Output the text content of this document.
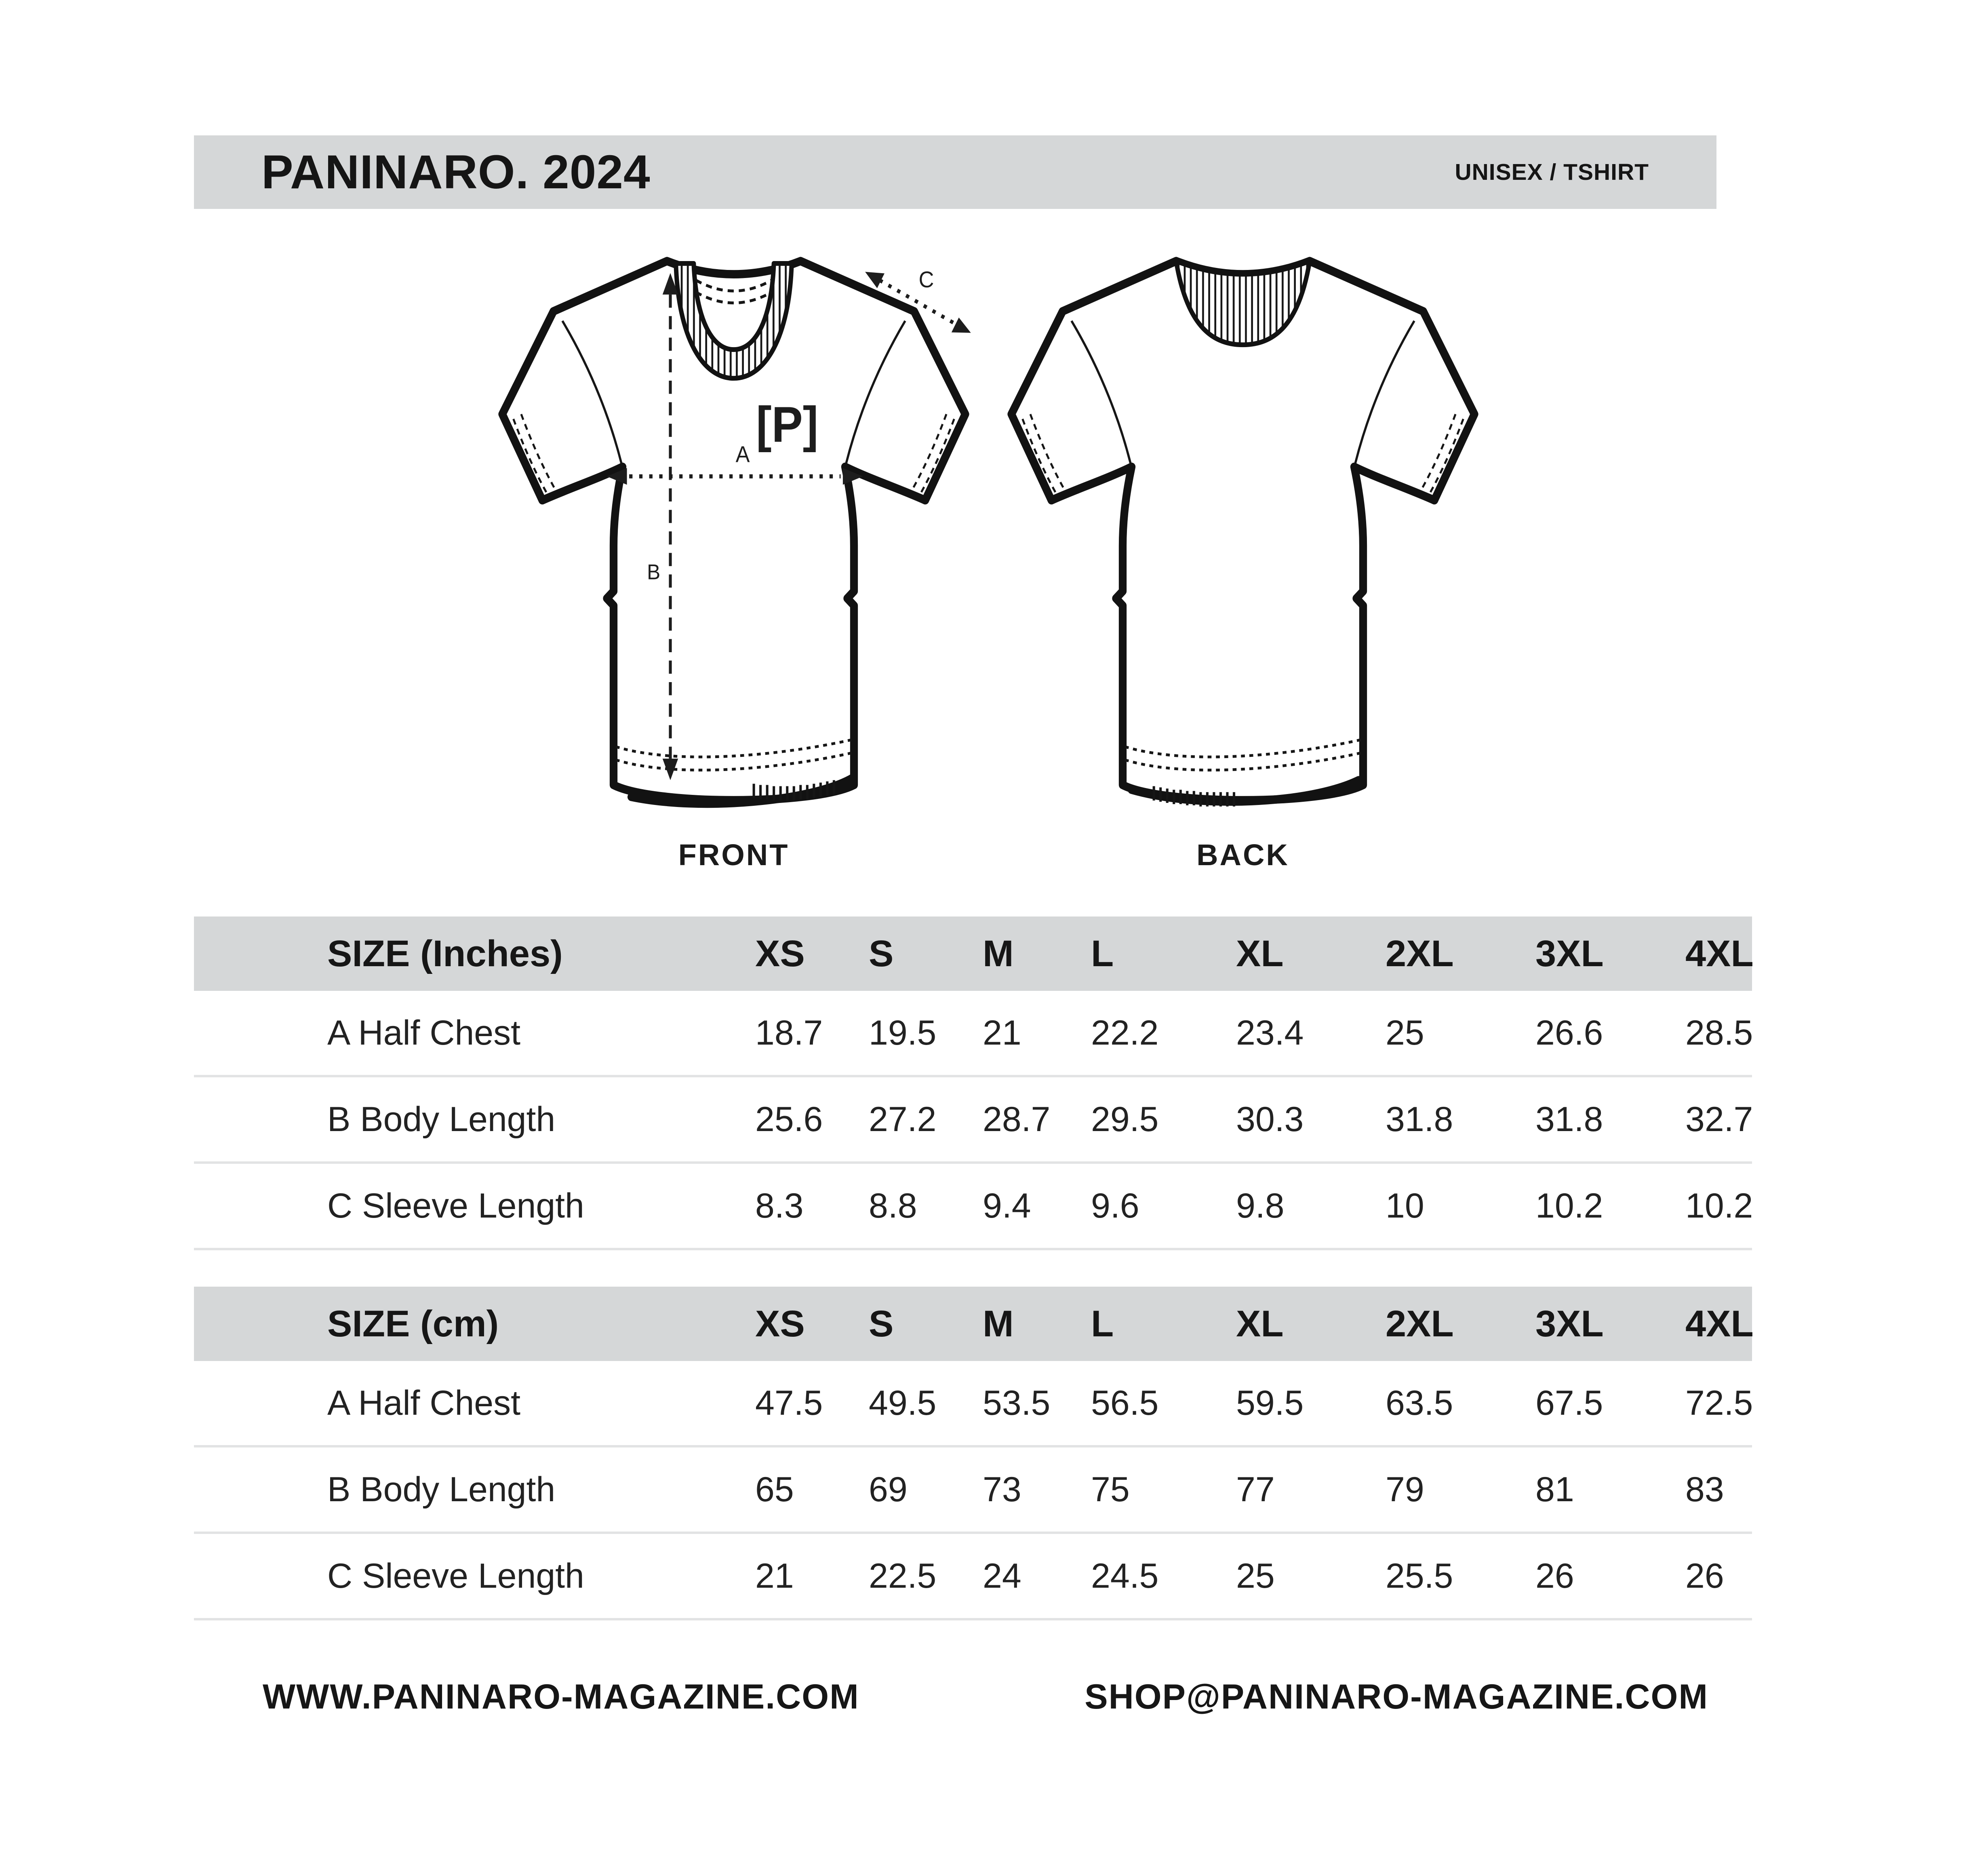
PANINARO. 2024	UNISEX / TSHIRT
A
B
C
[P]
FRONT	BACK
SIZE (Inches)	XS	S	M	L	XL	2XL	3XL	4XL
A Half Chest	18.7	19.5	21	22.2	23.4	25	26.6	28.5
B Body Length	25.6	27.2	28.7	29.5	30.3	31.8	31.8	32.7
C Sleeve Length	8.3	8.8	9.4	9.6	9.8	10	10.2	10.2
SIZE (cm)	XS	S	M	L	XL	2XL	3XL	4XL
A Half Chest	47.5	49.5	53.5	56.5	59.5	63.5	67.5	72.5
B Body Length	65	69	73	75	77	79	81	83
C Sleeve Length	21	22.5	24	24.5	25	25.5	26	26
WWW.PANINARO-MAGAZINE.COM	SHOP@PANINARO-MAGAZINE.COM
